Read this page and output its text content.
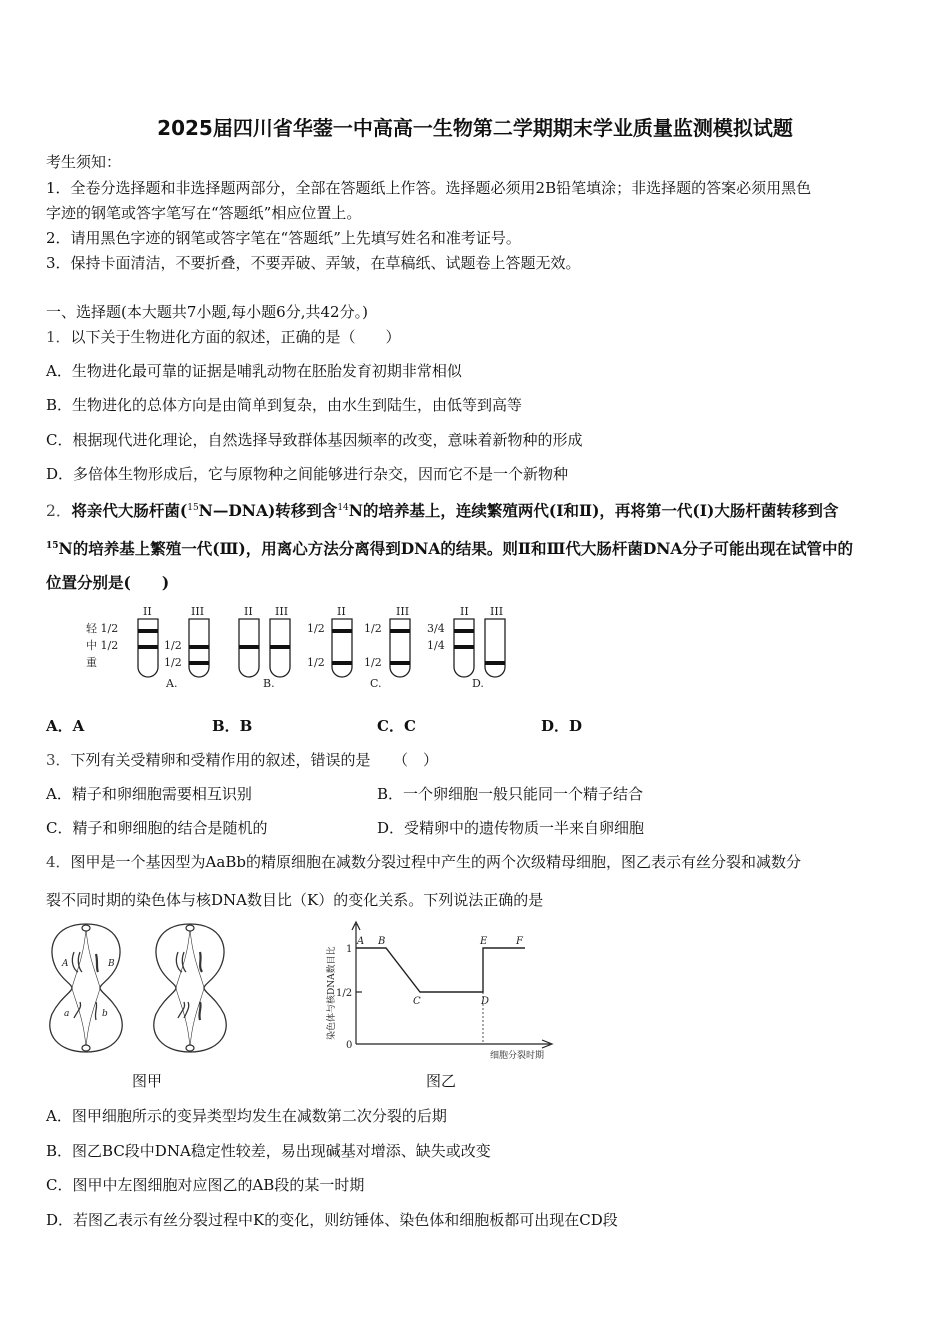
2025届四川省华蓥一中高高一生物第二学期期末学业质量监测模拟试题
考生须知：
1．全卷分选择题和非选择题两部分，全部在答题纸上作答。选择题必须用2B铅笔填涂；非选择题的答案必须用黑色
字迹的钢笔或答字笔写在“答题纸”相应位置上。
2．请用黑色字迹的钢笔或答字笔在“答题纸”上先填写姓名和准考证号。
3．保持卡面清洁，不要折叠，不要弄破、弄皱，在草稿纸、试题卷上答题无效。
一、选择题(本大题共7小题,每小题6分,共42分。)
1．以下关于生物进化方面的叙述，正确的是（　　）
A．生物进化最可靠的证据是哺乳动物在胚胎发育初期非常相似
B．生物进化的总体方向是由简单到复杂，由水生到陆生，由低等到高等
C．根据现代进化理论，自然选择导致群体基因频率的改变，意味着新物种的形成
D．多倍体生物形成后，它与原物种之间能够进行杂交，因而它不是一个新物种
2．将亲代大肠杆菌($^{15}$N—DNA)转移到含$^{14}$N的培养基上，连续繁殖两代(Ⅰ和Ⅱ)，再将第一代(Ⅰ)大肠杆菌转移到含
$^{15}$N的培养基上繁殖一代(Ⅲ)，用离心方法分离得到DNA的结果。则Ⅱ和Ⅲ代大肠杆菌DNA分子可能出现在试管中的
位置分别是(　　)
轻 1/2
中 1/2
重
II	III
1/2
1/2
A.
II III
B.
II	III
1/2
1/2
1/2
1/2
C.
II III
3/4
1/4
D.
A．A	B．B	C．C	D．D
3．下列有关受精卵和受精作用的叙述，错误的是　　（　）
A．精子和卵细胞需要相互识别	B．一个卵细胞一般只能同一个精子结合
C．精子和卵细胞的结合是随机的	D．受精卵中的遗传物质一半来自卵细胞
4．图甲是一个基因型为AaBb的精原细胞在减数分裂过程中产生的两个次级精母细胞，图乙表示有丝分裂和减数分
裂不同时期的染色体与核DNA数目比（K）的变化关系。下列说法正确的是
A	B
a	b
图甲
1
1/2
0
A B
C	D
E	F
染色体与核DNA数目比
细胞分裂时期
图乙
A．图甲细胞所示的变异类型均发生在减数第二次分裂的后期
B．图乙BC段中DNA稳定性较差，易出现碱基对增添、缺失或改变
C．图甲中左图细胞对应图乙的AB段的某一时期
D．若图乙表示有丝分裂过程中K的变化，则纺锤体、染色体和细胞板都可出现在CD段
